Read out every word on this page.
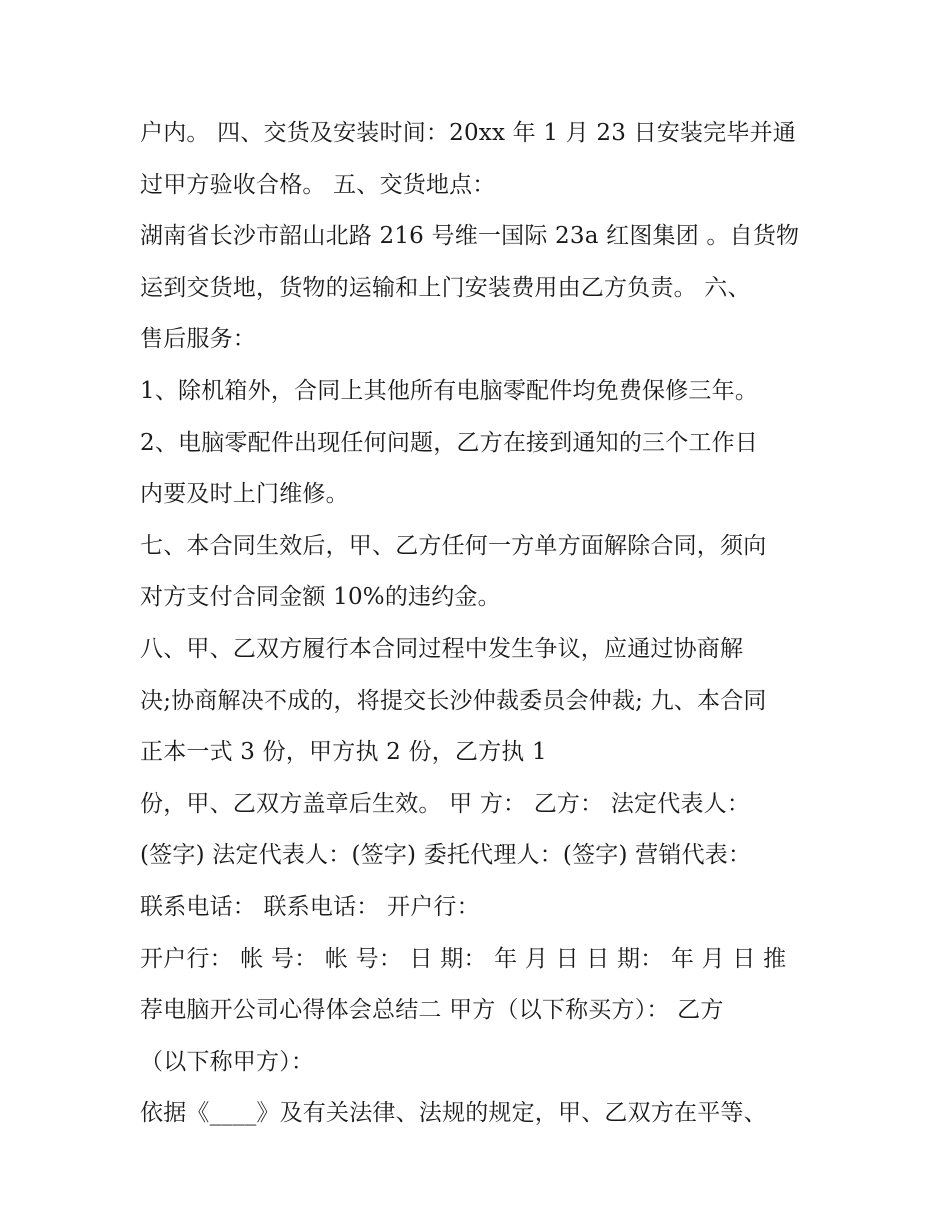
户内。 四、交货及安装时间：20xx 年 1 月 23 日安装完毕并通
过甲方验收合格。 五、交货地点：
湖南省长沙市韶山北路 216 号维一国际 23a 红图集团 。自货物
运到交货地，货物的运输和上门安装费用由乙方负责。 六、
售后服务：
1、除机箱外，合同上其他所有电脑零配件均免费保修三年。
2、电脑零配件出现任何问题，乙方在接到通知的三个工作日
内要及时上门维修。
七、本合同生效后，甲、乙方任何一方单方面解除合同，须向
对方支付合同金额 10%的违约金。
八、甲、乙双方履行本合同过程中发生争议，应通过协商解
决;协商解决不成的，将提交长沙仲裁委员会仲裁; 九、本合同
正本一式 3 份，甲方执 2 份，乙方执 1
份，甲、乙双方盖章后生效。 甲 方： 乙方： 法定代表人：
(签字) 法定代表人：(签字) 委托代理人：(签字) 营销代表：
联系电话： 联系电话： 开户行：
开户行： 帐 号： 帐 号： 日 期： 年 月 日 日 期： 年 月 日 推
荐电脑开公司心得体会总结二 甲方（以下称买方）： 乙方
（以下称甲方）：
依据《____》及有关法律、法规的规定，甲、乙双方在平等、
